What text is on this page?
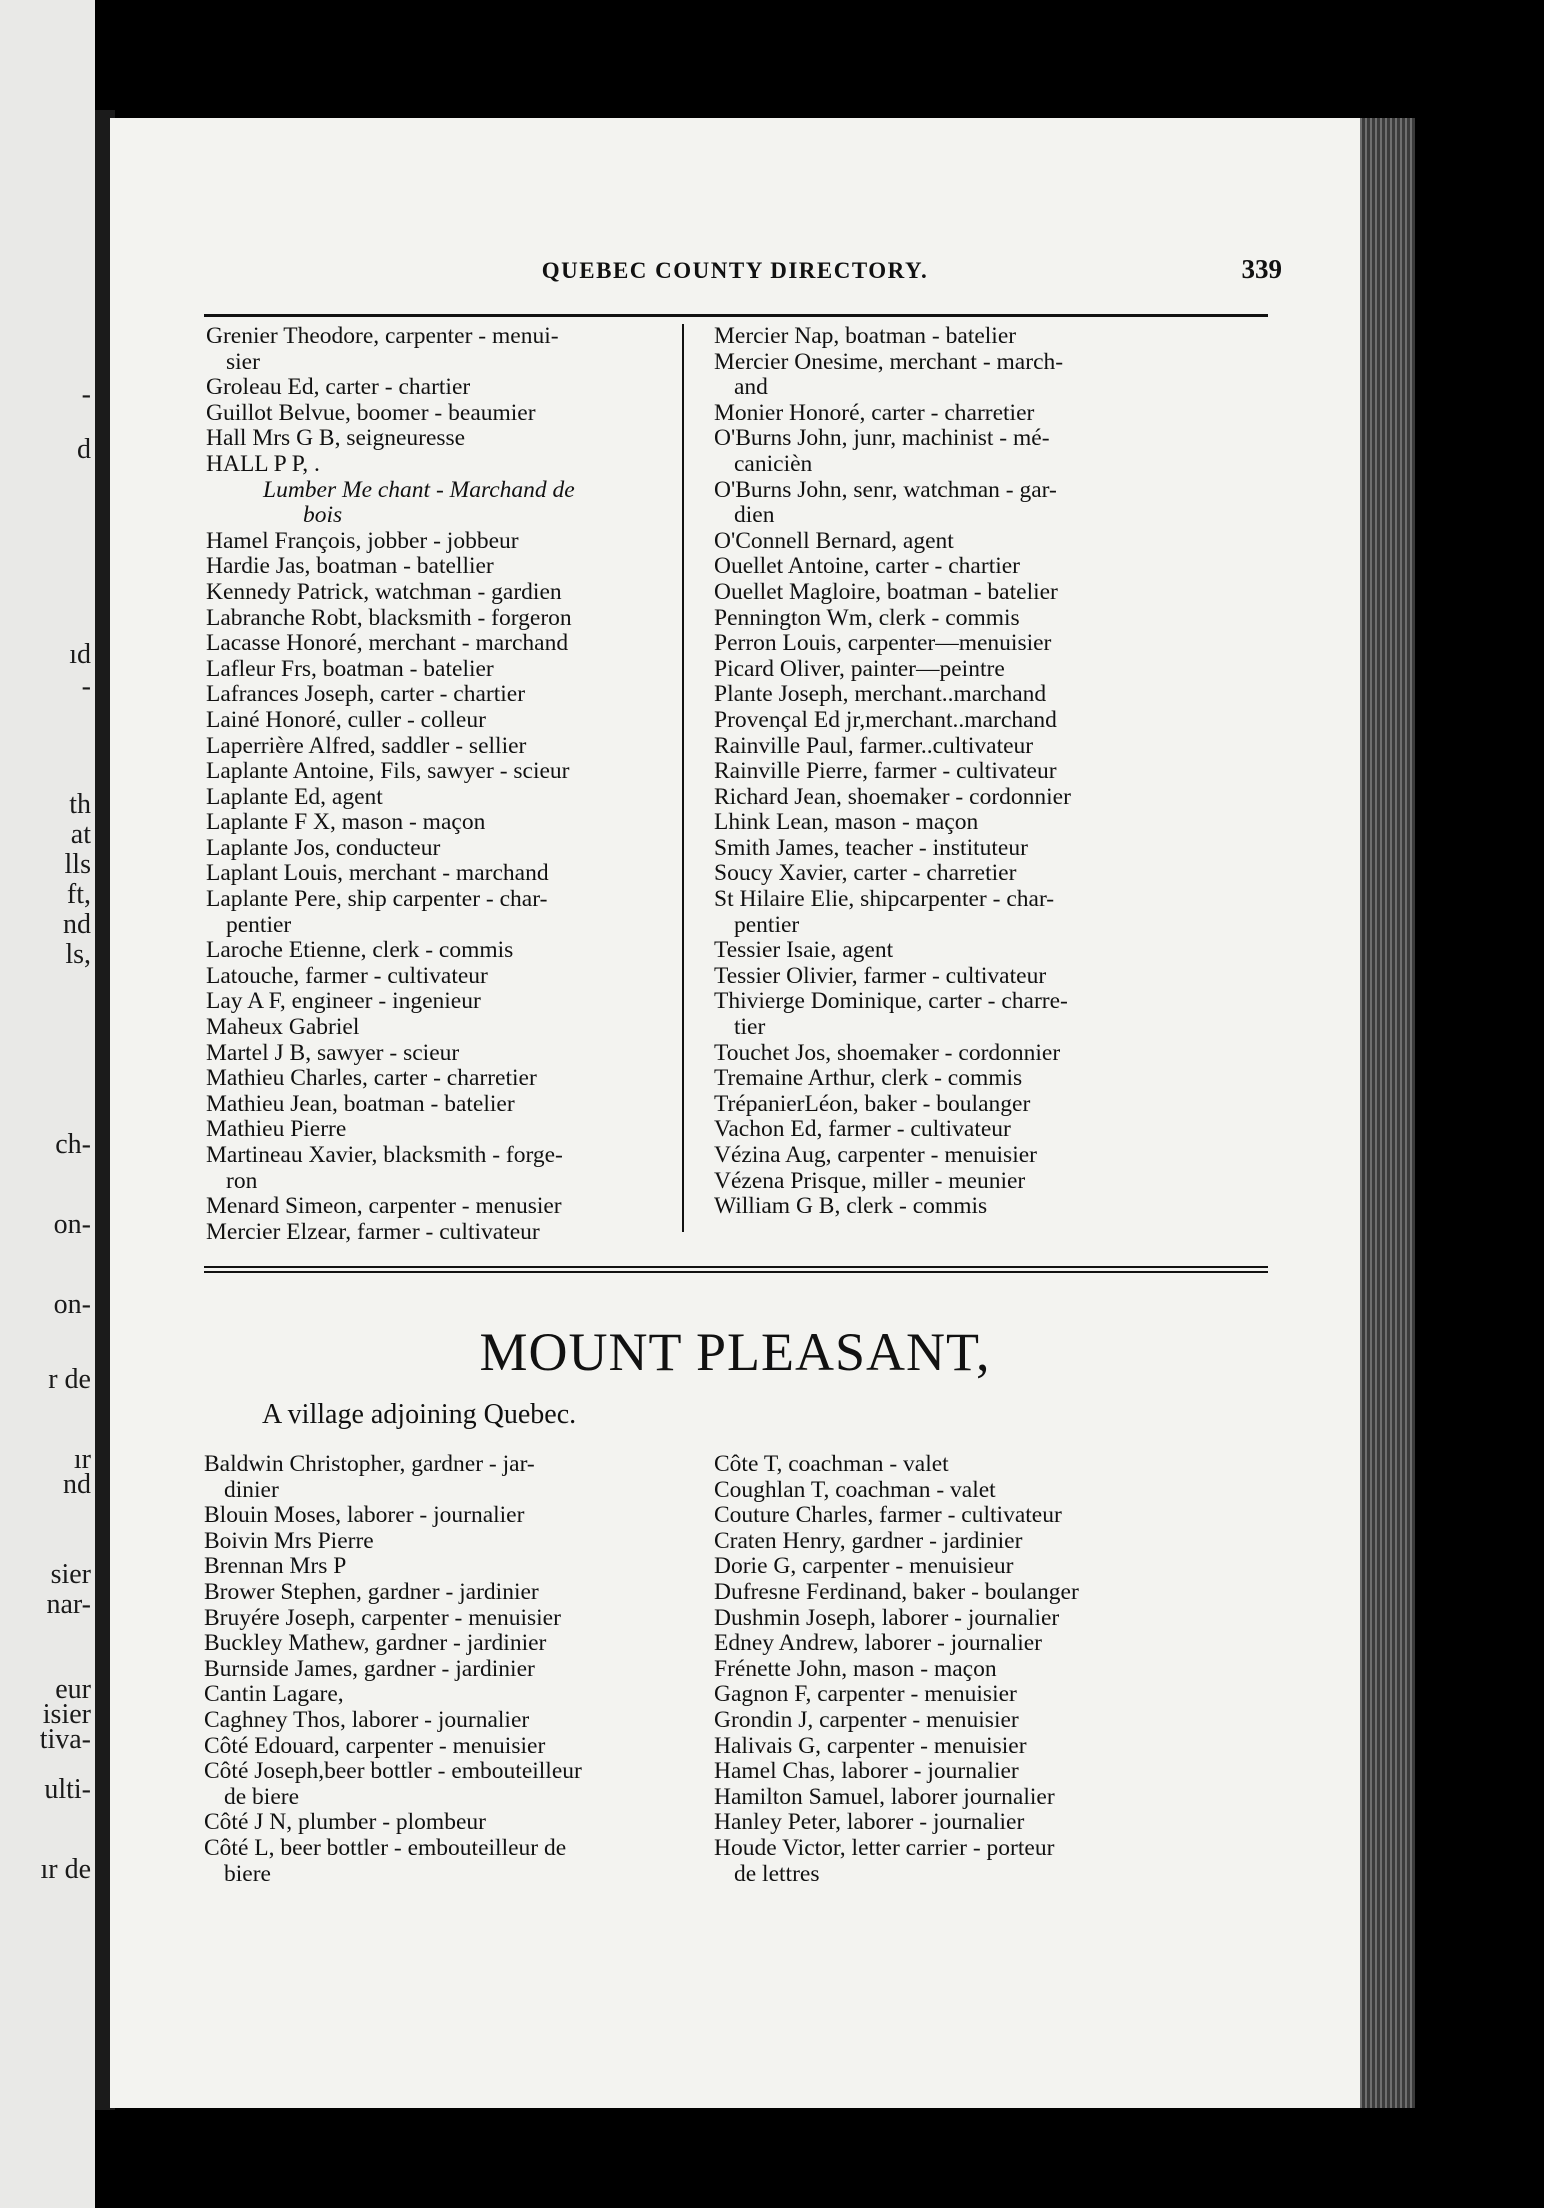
-
d
ıd
-
th
at
lls
ft,
nd
ls,
ch-
on-
on-
r de
ır
nd
sier
nar-
eur
isier
tiva-
ulti-
ır de
QUEBEC COUNTY DIRECTORY.	339
Grenier Theodore, carpenter - menui-
sier
Groleau Ed, carter - chartier
Guillot Belvue, boomer - beaumier
Hall Mrs G B, seigneuresse
HALL P P, .
Lumber Me chant - Marchand de
bois
Hamel François, jobber - jobbeur
Hardie Jas, boatman - batellier
Kennedy Patrick, watchman - gardien
Labranche Robt, blacksmith - forgeron
Lacasse Honoré, merchant - marchand
Lafleur Frs, boatman - batelier
Lafrances Joseph, carter - chartier
Lainé Honoré, culler - colleur
Laperrière Alfred, saddler - sellier
Laplante Antoine, Fils, sawyer - scieur
Laplante Ed, agent
Laplante F X, mason - maçon
Laplante Jos, conducteur
Laplant Louis, merchant - marchand
Laplante Pere, ship carpenter - char-
pentier
Laroche Etienne, clerk - commis
Latouche, farmer - cultivateur
Lay A F, engineer - ingenieur
Maheux Gabriel
Martel J B, sawyer - scieur
Mathieu Charles, carter - charretier
Mathieu Jean, boatman - batelier
Mathieu Pierre
Martineau Xavier, blacksmith - forge-
ron
Menard Simeon, carpenter - menusier
Mercier Elzear, farmer - cultivateur
Mercier Nap, boatman - batelier
Mercier Onesime, merchant - march-
and
Monier Honoré, carter - charretier
O'Burns John, junr, machinist - mé-
canicièn
O'Burns John, senr, watchman - gar-
dien
O'Connell Bernard, agent
Ouellet Antoine, carter - chartier
Ouellet Magloire, boatman - batelier
Pennington Wm, clerk - commis
Perron Louis, carpenter—menuisier
Picard Oliver, painter—peintre
Plante Joseph, merchant..marchand
Provençal Ed jr,merchant..marchand
Rainville Paul, farmer..cultivateur
Rainville Pierre, farmer - cultivateur
Richard Jean, shoemaker - cordonnier
Lhink Lean, mason - maçon
Smith James, teacher - instituteur
Soucy Xavier, carter - charretier
St Hilaire Elie, shipcarpenter - char-
pentier
Tessier Isaie, agent
Tessier Olivier, farmer - cultivateur
Thivierge Dominique, carter - charre-
tier
Touchet Jos, shoemaker - cordonnier
Tremaine Arthur, clerk - commis
TrépanierLéon, baker - boulanger
Vachon Ed, farmer - cultivateur
Vézina Aug, carpenter - menuisier
Vézena Prisque, miller - meunier
William G B, clerk - commis
MOUNT PLEASANT,
A village adjoining Quebec.
Baldwin Christopher, gardner - jar-
dinier
Blouin Moses, laborer - journalier
Boivin Mrs Pierre
Brennan Mrs P
Brower Stephen, gardner - jardinier
Bruyére Joseph, carpenter - menuisier
Buckley Mathew, gardner - jardinier
Burnside James, gardner - jardinier
Cantin Lagare,
Caghney Thos, laborer - journalier
Côté Edouard, carpenter - menuisier
Côté Joseph,beer bottler - embouteilleur
de biere
Côté J N, plumber - plombeur
Côté L, beer bottler - embouteilleur de
biere
Côte T, coachman - valet
Coughlan T, coachman - valet
Couture Charles, farmer - cultivateur
Craten Henry, gardner - jardinier
Dorie G, carpenter - menuisieur
Dufresne Ferdinand, baker - boulanger
Dushmin Joseph, laborer - journalier
Edney Andrew, laborer - journalier
Frénette John, mason - maçon
Gagnon F, carpenter - menuisier
Grondin J, carpenter - menuisier
Halivais G, carpenter - menuisier
Hamel Chas, laborer - journalier
Hamilton Samuel, laborer journalier
Hanley Peter, laborer - journalier
Houde Victor, letter carrier - porteur
de lettres
